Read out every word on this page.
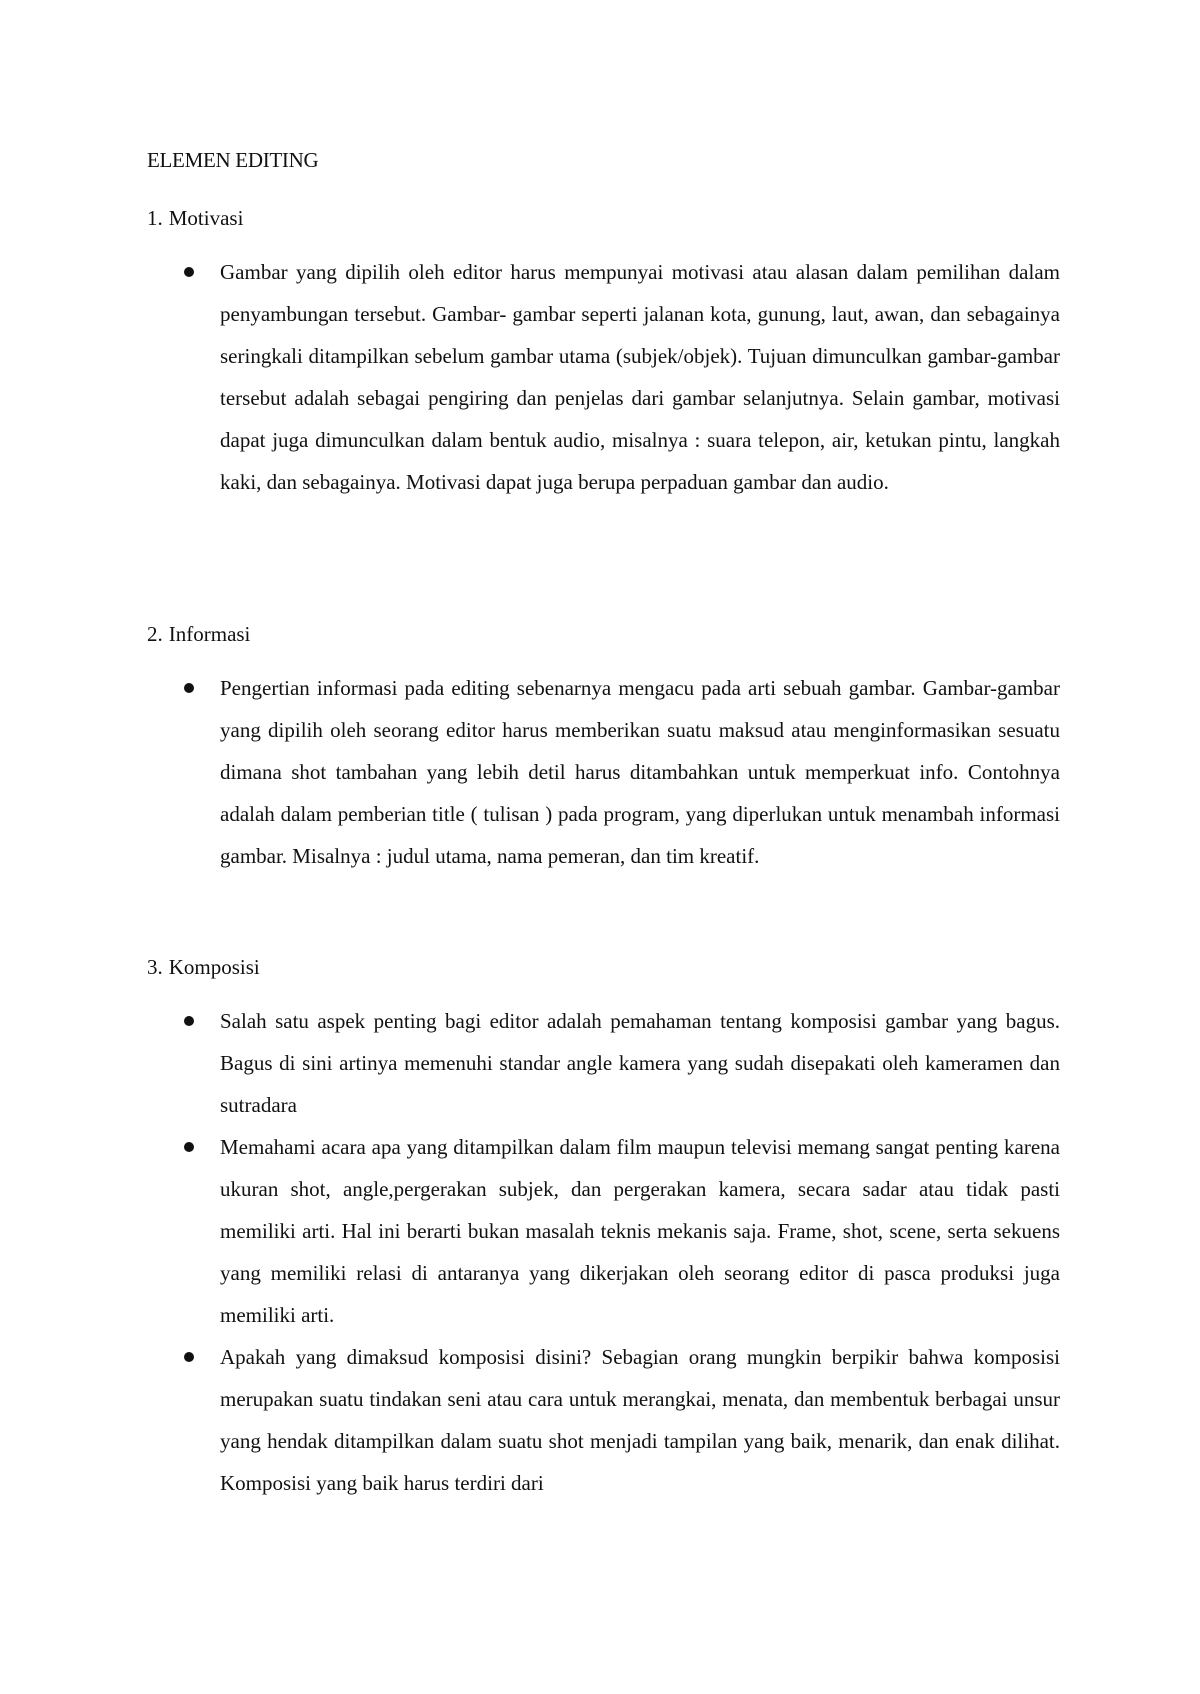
ELEMEN EDITING
1. Motivasi
Gambar yang dipilih oleh editor harus mempunyai motivasi atau alasan dalam pemilihan dalam penyambungan tersebut. Gambar- gambar seperti jalanan kota, gunung, laut, awan, dan sebagainya seringkali ditampilkan sebelum gambar utama (subjek/objek). Tujuan dimunculkan gambar-gambar tersebut adalah sebagai pengiring dan penjelas dari gambar selanjutnya. Selain gambar, motivasi dapat juga dimunculkan dalam bentuk audio, misalnya : suara telepon, air, ketukan pintu, langkah kaki, dan sebagainya. Motivasi dapat juga berupa perpaduan gambar dan audio.
2. Informasi
Pengertian informasi pada editing sebenarnya mengacu pada arti sebuah gambar. Gambar-gambar yang dipilih oleh seorang editor harus memberikan suatu maksud atau menginformasikan sesuatu dimana shot tambahan yang lebih detil harus ditambahkan untuk memperkuat info. Contohnya adalah dalam pemberian title ( tulisan ) pada program, yang diperlukan untuk menambah informasi gambar. Misalnya : judul utama, nama pemeran, dan tim kreatif.
3. Komposisi
Salah satu aspek penting bagi editor adalah pemahaman tentang komposisi gambar yang bagus. Bagus di sini artinya memenuhi standar angle kamera yang sudah disepakati oleh kameramen dan sutradara
Memahami acara apa yang ditampilkan dalam film maupun televisi memang sangat penting karena ukuran shot, angle,pergerakan subjek, dan pergerakan kamera, secara sadar atau tidak pasti memiliki arti. Hal ini berarti bukan masalah teknis mekanis saja. Frame, shot, scene, serta sekuens yang memiliki relasi di antaranya yang dikerjakan oleh seorang editor di pasca produksi juga memiliki arti.
Apakah yang dimaksud komposisi disini? Sebagian orang mungkin berpikir bahwa komposisi merupakan suatu tindakan seni atau cara untuk merangkai, menata, dan membentuk berbagai unsur yang hendak ditampilkan dalam suatu shot menjadi tampilan yang baik, menarik, dan enak dilihat. Komposisi yang baik harus terdiri dari
